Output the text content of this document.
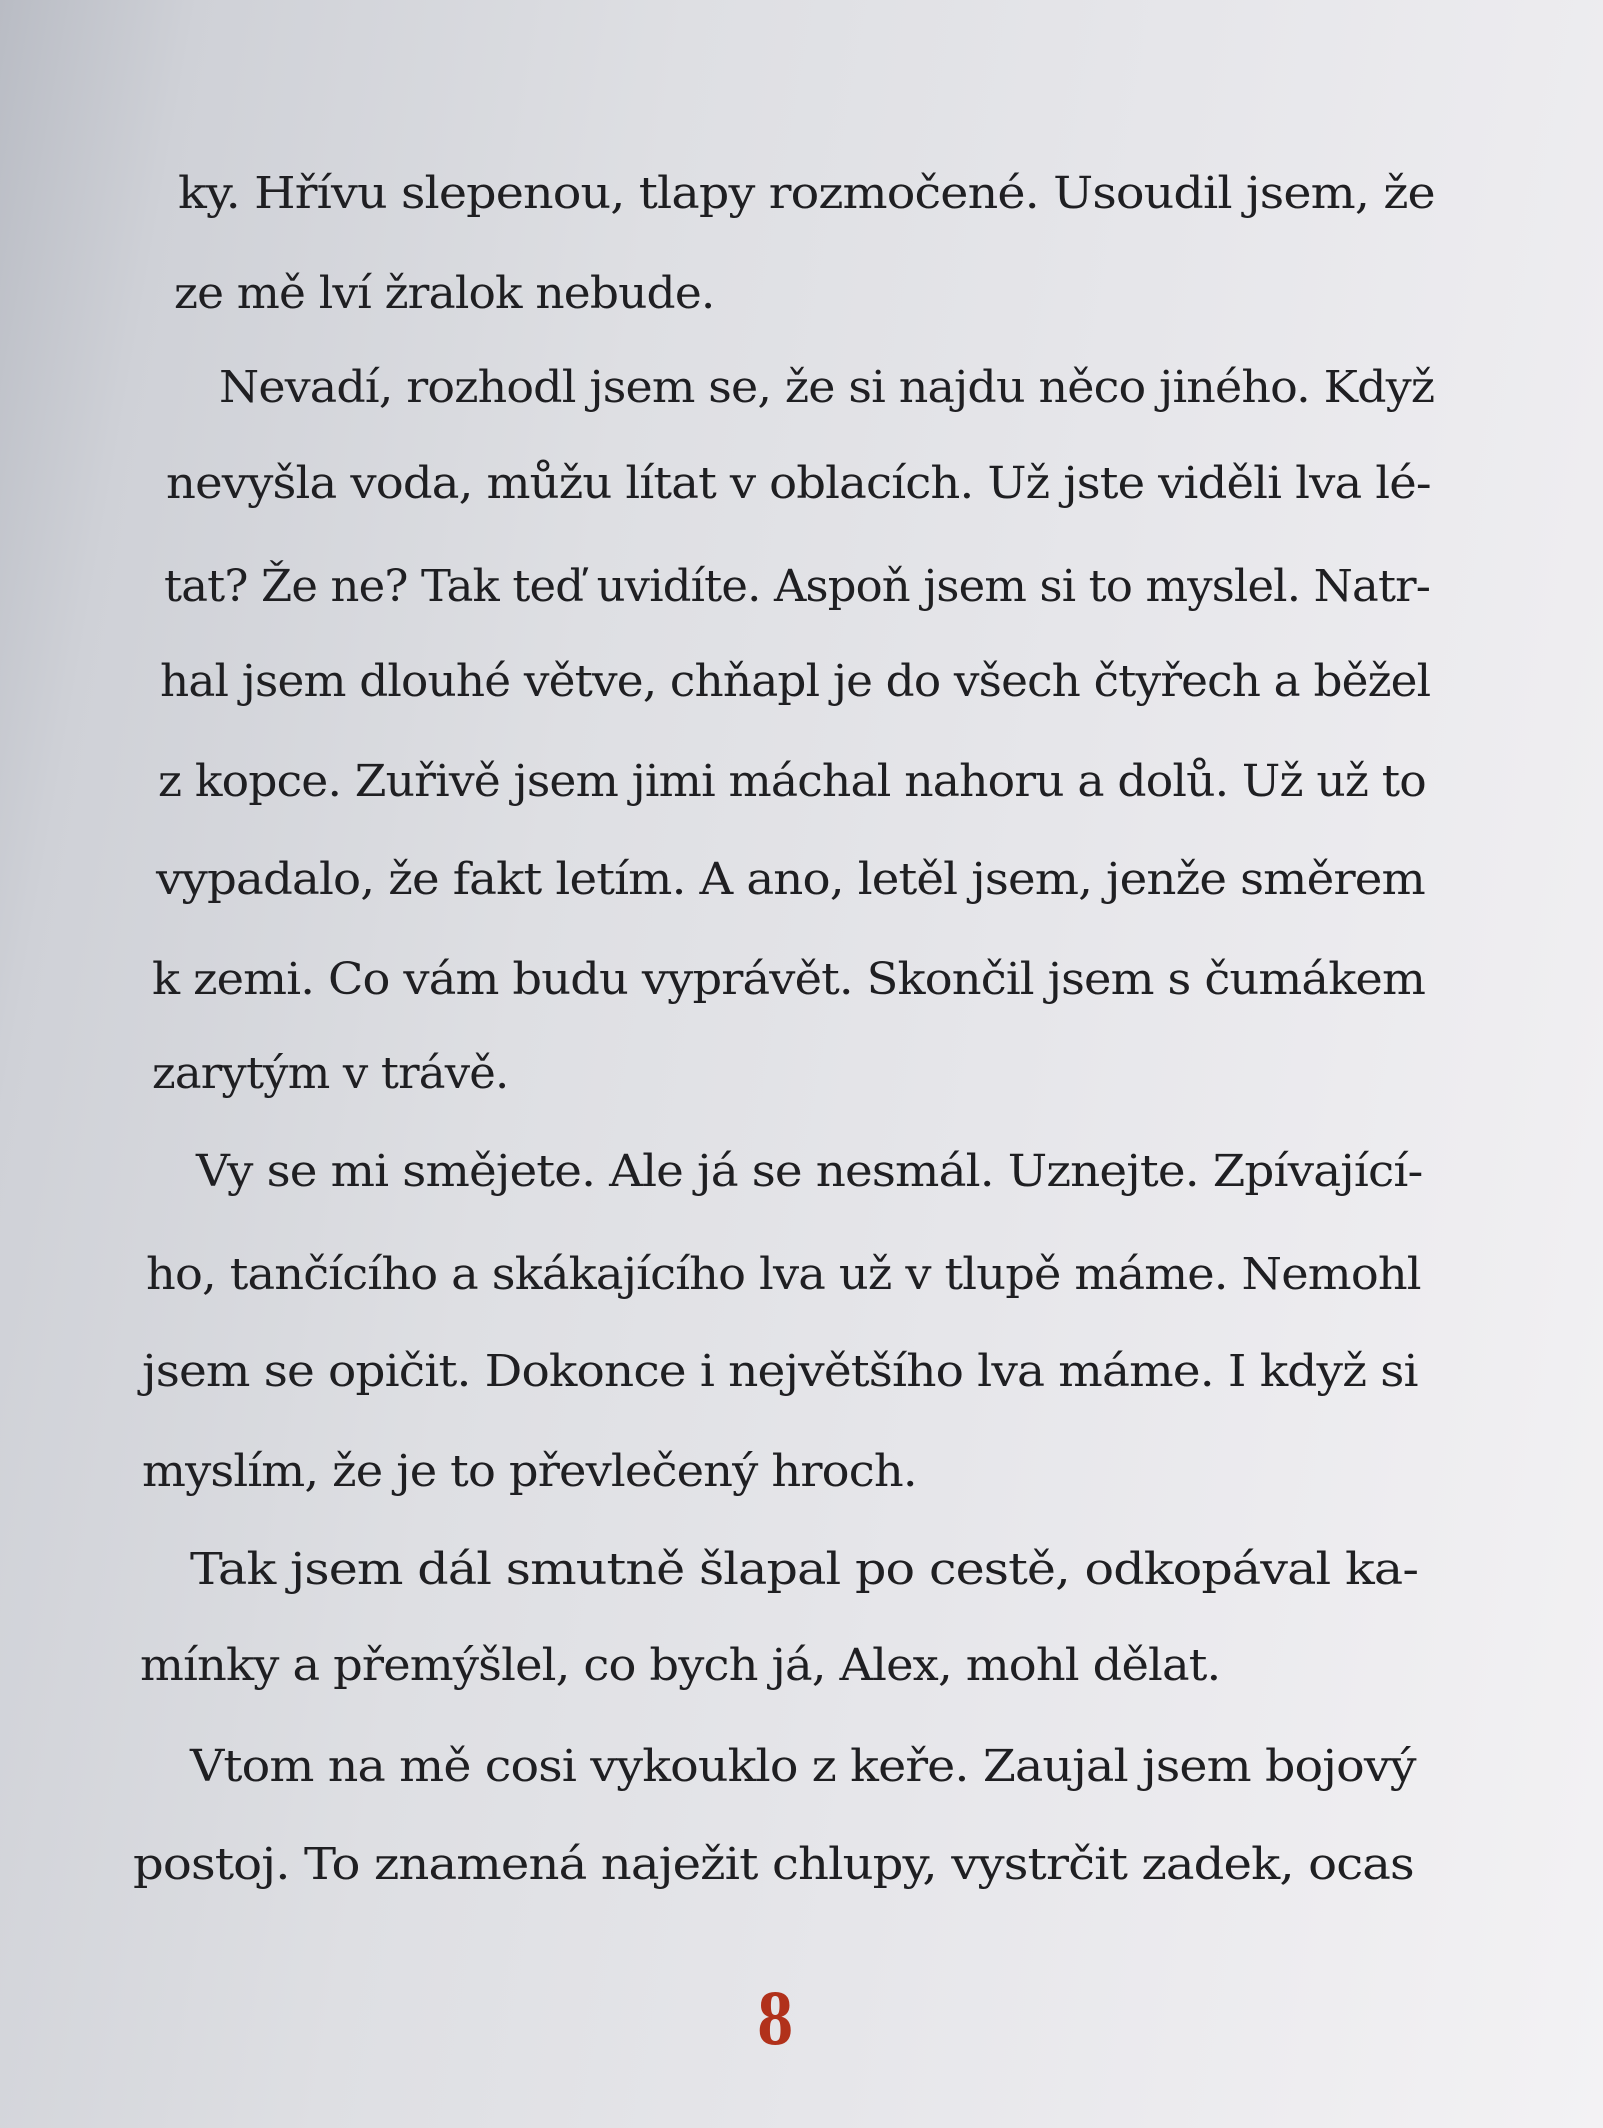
ky. Hřívu slepenou, tlapy rozmočené. Usoudil jsem, že

ze mě lví žralok nebude.

Nevadí, rozhodl jsem se, že si najdu něco jiného. Když

nevyšla voda, můžu lítat v oblacích. Už jste viděli lva lé-

tat? Že ne? Tak teď uvidíte. Aspoň jsem si to myslel. Natr-

hal jsem dlouhé větve, chňapl je do všech čtyřech a běžel

z kopce. Zuřivě jsem jimi máchal nahoru a dolů. Už už to

vypadalo, že fakt letím. A ano, letěl jsem, jenže směrem

k zemi. Co vám budu vyprávět. Skončil jsem s čumákem

zarytým v trávě.

Vy se mi smějete. Ale já se nesmál. Uznejte. Zpívající-

ho, tančícího a skákajícího lva už v tlupě máme. Nemohl

jsem se opičit. Dokonce i největšího lva máme. I když si

myslím, že je to převlečený hroch.

Tak jsem dál smutně šlapal po cestě, odkopával ka-

mínky a přemýšlel, co bych já, Alex, mohl dělat.

Vtom na mě cosi vykouklo z keře. Zaujal jsem bojový

postoj. To znamená naježit chlupy, vystrčit zadek, ocas

8
